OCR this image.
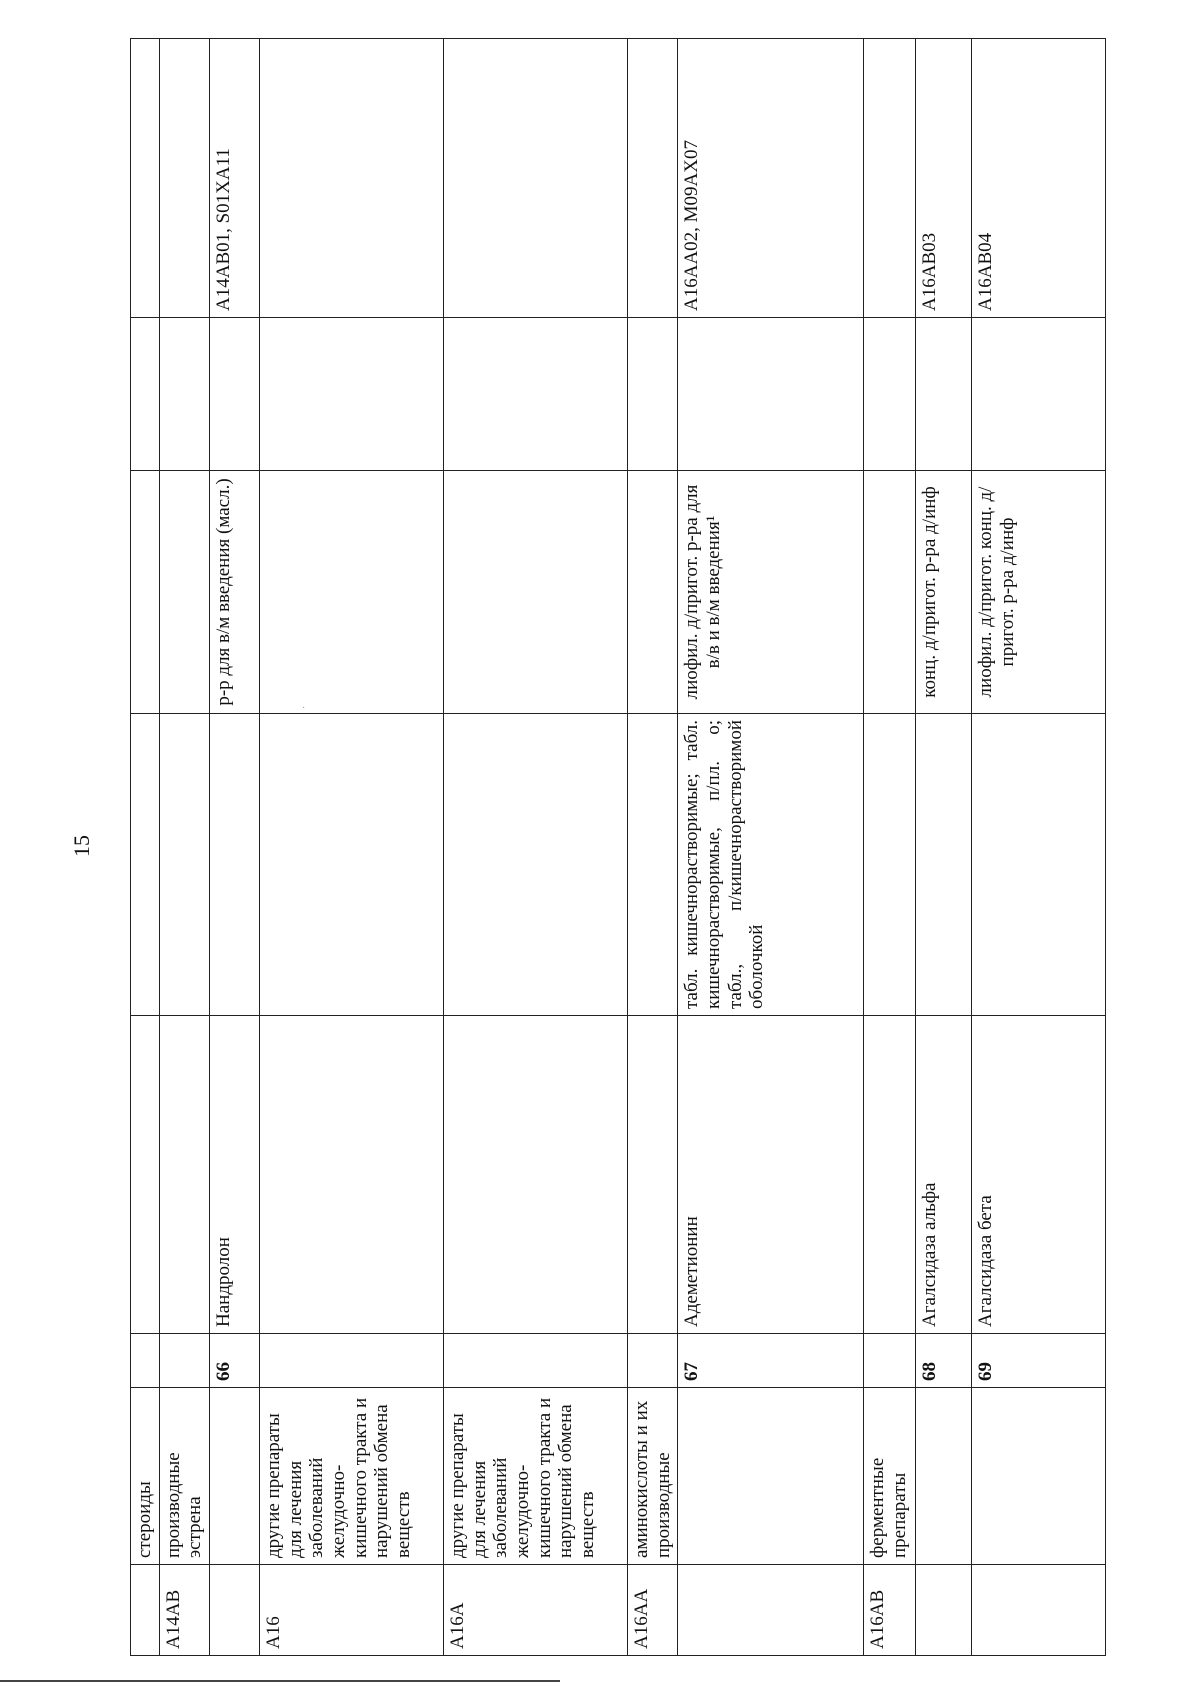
15
·
	стероиды						
A14AB	производные эстрена						
		66	Нандролон		р-р для в/м введения (масл.)		A14AB01, S01XA11
A16	другие препараты для лечения заболеваний желудочно-кишечного тракта и нарушений обмена веществ						
A16A	другие препараты для лечения заболеваний желудочно-кишечного тракта и нарушений обмена веществ						
A16AA	аминокислоты и их производные						
		67	Адеметионин	табл. кишечнорастворимые; табл. кишечнорастворимые, п/пл. о; табл., п/кишечнорастворимой оболочкой	лиофил. д/пригот. р-ра для в/в и в/м введения¹		A16AA02, M09AX07
A16AB	ферментные препараты						
		68	Агалсидаза альфа		конц. д/пригот. р-ра д/инф		A16AB03
		69	Агалсидаза бета		лиофил. д/пригот. конц. д/пригот. р-ра д/инф		A16AB04
